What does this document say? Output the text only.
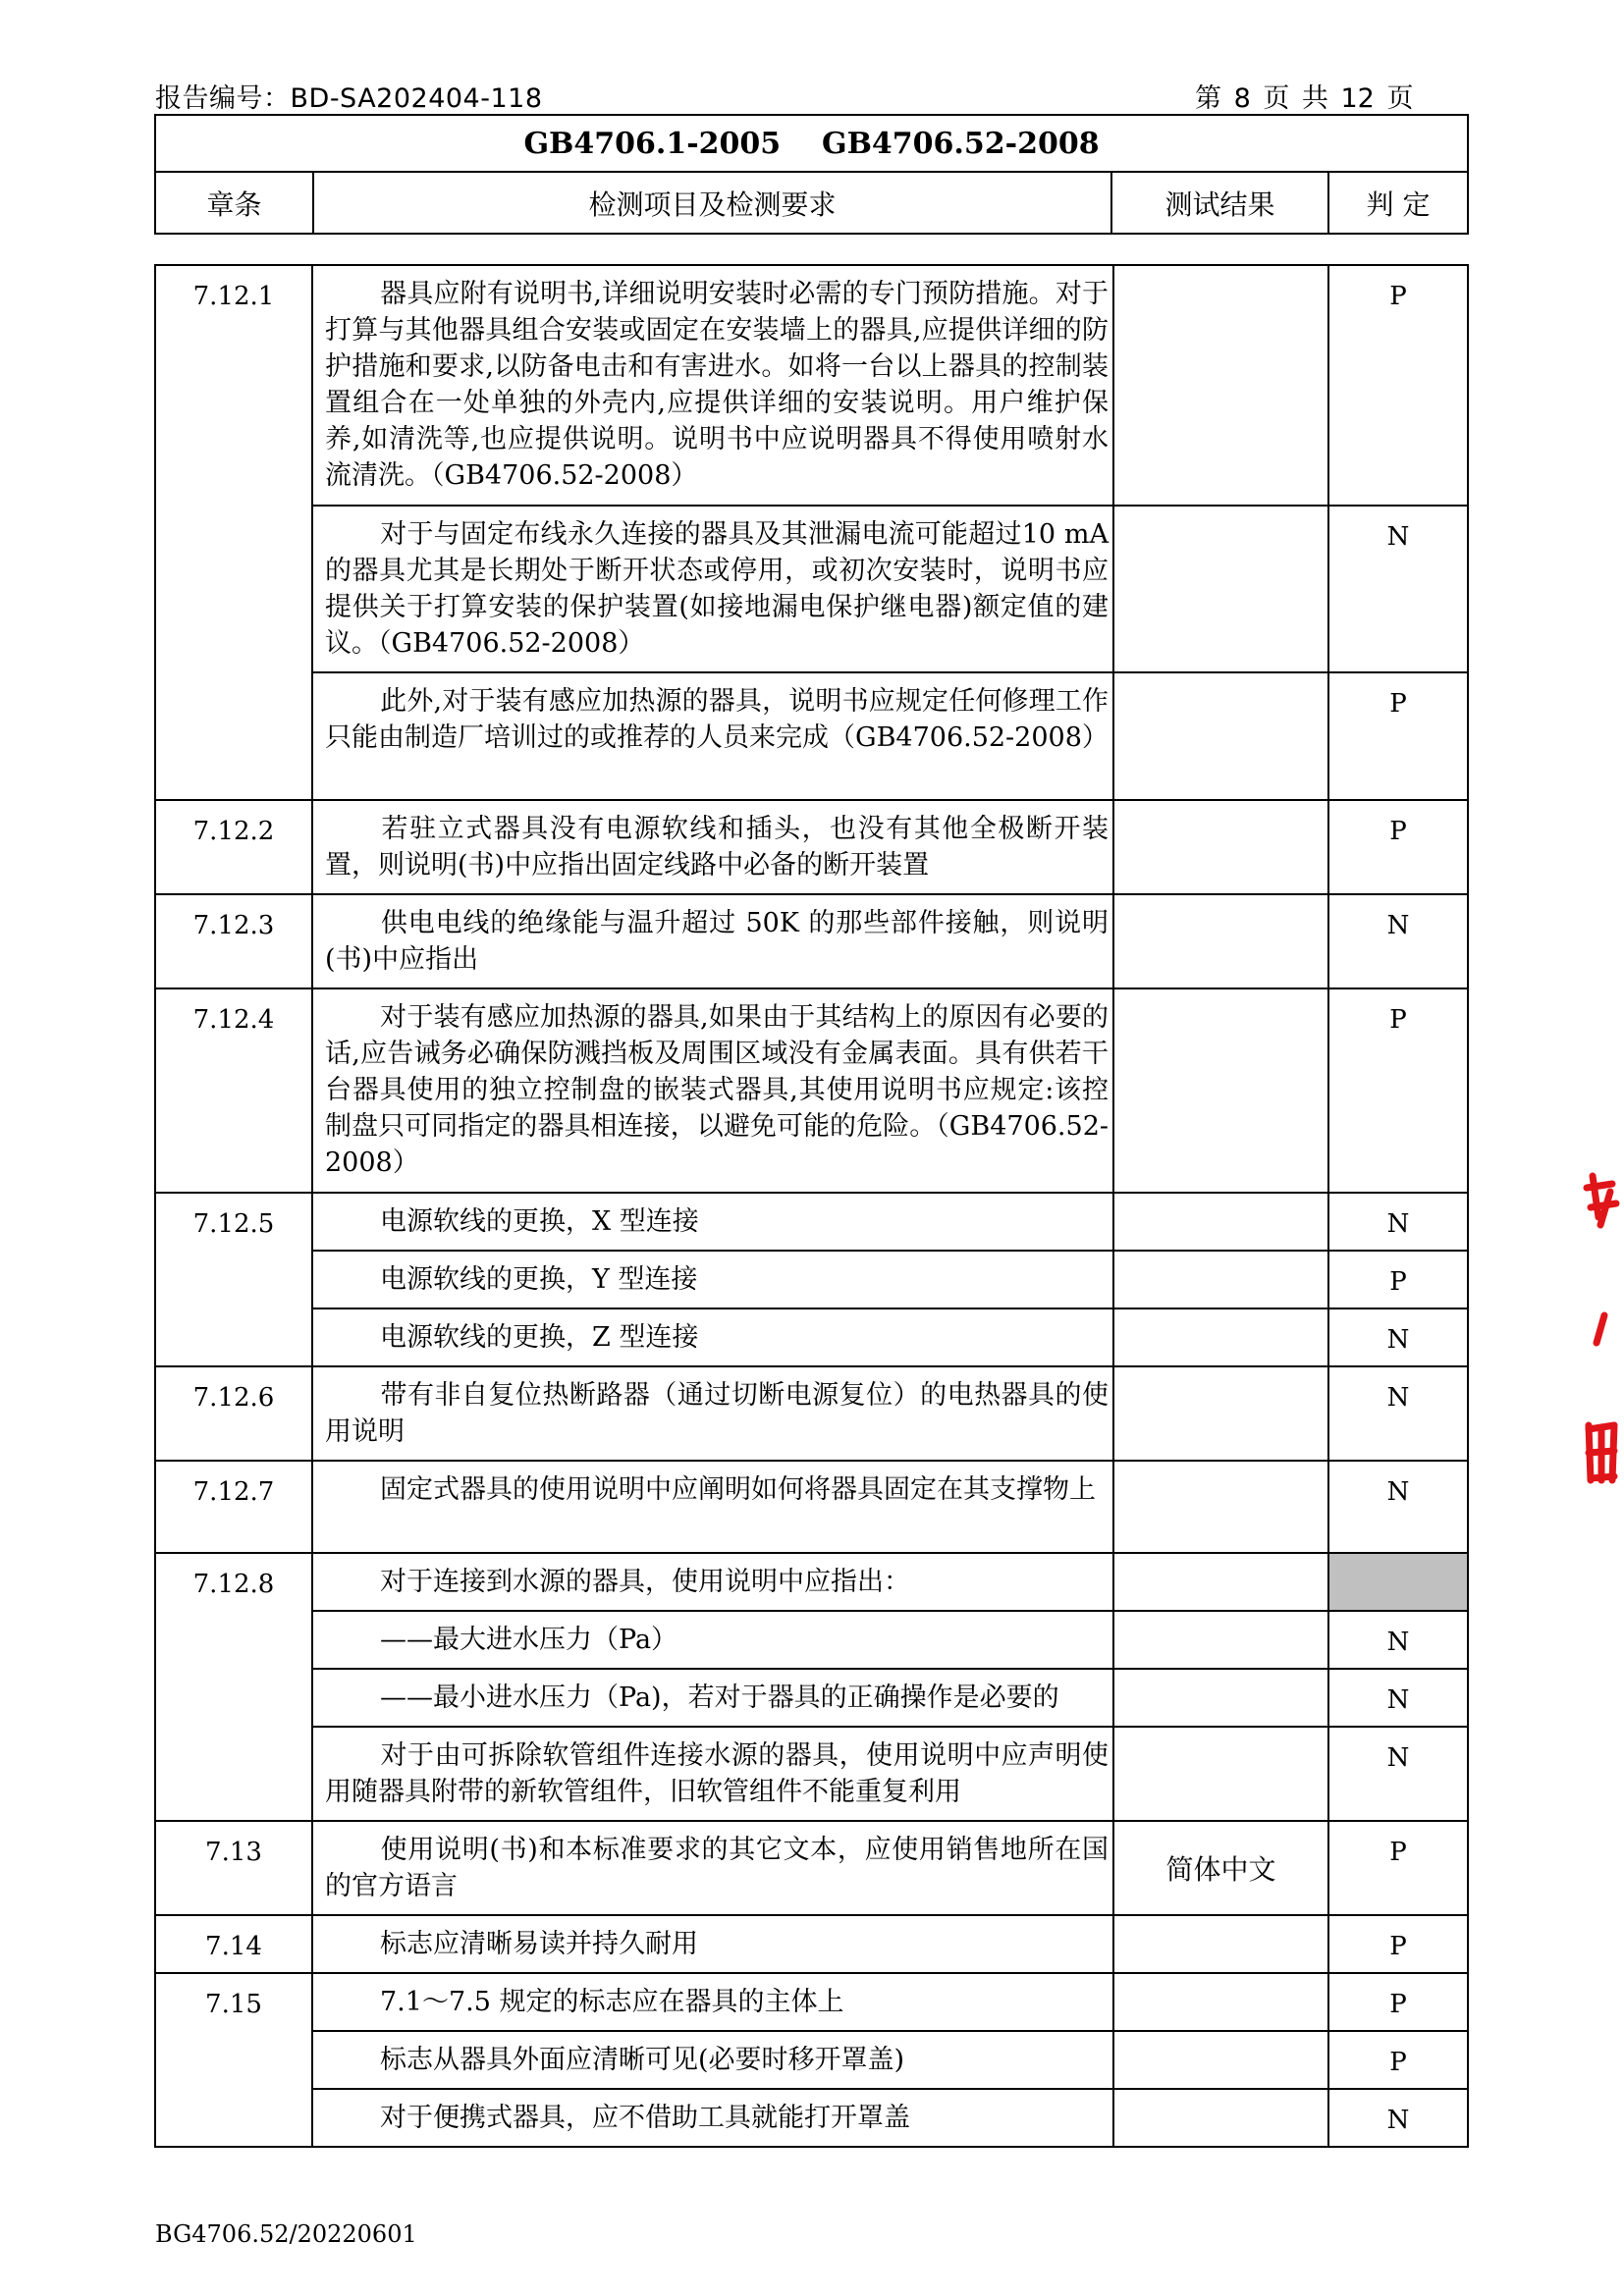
报告编号：BD-SA202404-118	第 8 页 共 12 页
GB4706.1-2005    GB4706.52-2008
章条	检测项目及检测要求	测试结果	判 定
7.12.1	器具应附有说明书,详细说明安装时必需的专门预防措施。对于打算与其他器具组合安装或固定在安装墙上的器具,应提供详细的防护措施和要求,以防备电击和有害进水。如将一台以上器具的控制装置组合在一处单独的外壳内,应提供详细的安装说明。用户维护保养,如清洗等,也应提供说明。说明书中应说明器具不得使用喷射水流清洗。（GB4706.52-2008）		P
	对于与固定布线永久连接的器具及其泄漏电流可能超过10 mA 的器具尤其是长期处于断开状态或停用，或初次安装时，说明书应提供关于打算安装的保护装置(如接地漏电保护继电器)额定值的建议。（GB4706.52-2008）		N
	此外,对于装有感应加热源的器具，说明书应规定任何修理工作只能由制造厂培训过的或推荐的人员来完成（GB4706.52-2008）		P
7.12.2	若驻立式器具没有电源软线和插头，也没有其他全极断开装置，则说明(书)中应指出固定线路中必备的断开装置		P
7.12.3	供电电线的绝缘能与温升超过 50K 的那些部件接触，则说明(书)中应指出		N
7.12.4	对于装有感应加热源的器具,如果由于其结构上的原因有必要的话,应告诫务必确保防溅挡板及周围区域没有金属表面。具有供若干台器具使用的独立控制盘的嵌装式器具,其使用说明书应规定:该控制盘只可同指定的器具相连接，以避免可能的危险。（GB4706.52-2008）		P
7.12.5	电源软线的更换，X 型连接		N
	电源软线的更换，Y 型连接		P
	电源软线的更换，Z 型连接		N
7.12.6	带有非自复位热断路器（通过切断电源复位）的电热器具的使用说明		N
7.12.7	固定式器具的使用说明中应阐明如何将器具固定在其支撑物上		N
7.12.8	对于连接到水源的器具，使用说明中应指出：		
	——最大进水压力（Pa）		N
	——最小进水压力（Pa)，若对于器具的正确操作是必要的		N
	对于由可拆除软管组件连接水源的器具，使用说明中应声明使用随器具附带的新软管组件，旧软管组件不能重复利用		N
7.13	使用说明(书)和本标准要求的其它文本，应使用销售地所在国的官方语言	简体中文	P
7.14	标志应清晰易读并持久耐用		P
7.15	7.1～7.5 规定的标志应在器具的主体上		P
	标志从器具外面应清晰可见(必要时移开罩盖)		P
	对于便携式器具，应不借助工具就能打开罩盖		N
BG4706.52/20220601
